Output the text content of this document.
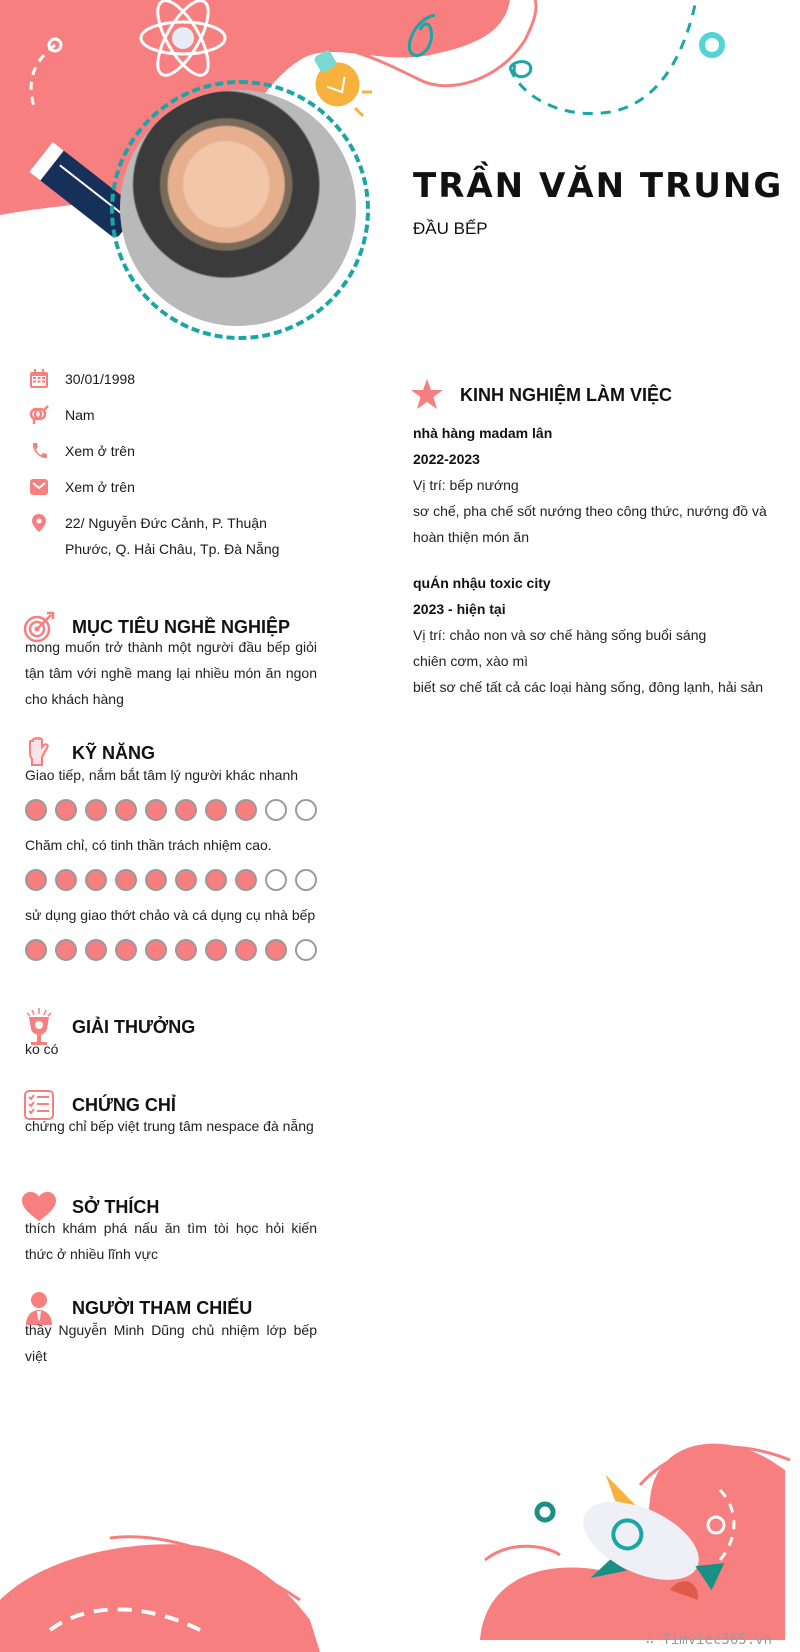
TRẦN VĂN TRUNG
ĐẦU BẾP
30/01/1998
Nam
Xem ở trên
Xem ở trên
22/ Nguyễn Đức Cảnh, P. Thuận Phước, Q. Hải Châu, Tp. Đà Nẵng
MỤC TIÊU NGHỀ NGHIỆP
mong muốn trở thành một người đầu bếp giỏi tận tâm với nghề mang lại nhiều món ăn ngon cho khách hàng
KỸ NĂNG
Giao tiếp, nắm bắt tâm lý người khác nhanh
Chăm chỉ, có tinh thần trách nhiệm cao.
sử dụng giao thớt chảo và cá dụng cụ nhà bếp
GIẢI THƯỞNG
ko có
CHỨNG CHỈ
chứng chỉ bếp việt trung tâm nespace đà nẵng
SỞ THÍCH
thích khám phá nấu ăn tìm tòi học hỏi kiến thức ở nhiều lĩnh vực
NGƯỜI THAM CHIẾU
thầy Nguyễn Minh Dũng chủ nhiệm lớp bếp việt
KINH NGHIỆM LÀM VIỆC
nhà hàng madam lân
2022-2023
Vị trí: bếp nướng
sơ chế, pha chế sốt nướng theo công thức, nướng đồ và hoàn thiện món ăn
quÁn nhậu toxic city
2023 - hiện tại
Vị trí: chảo non và sơ chế hàng sống buổi sáng
chiên cơm, xào mì
biết sơ chế tất cả các loại hàng sống, đông lạnh, hải sản
∴ Timviec365.vn
